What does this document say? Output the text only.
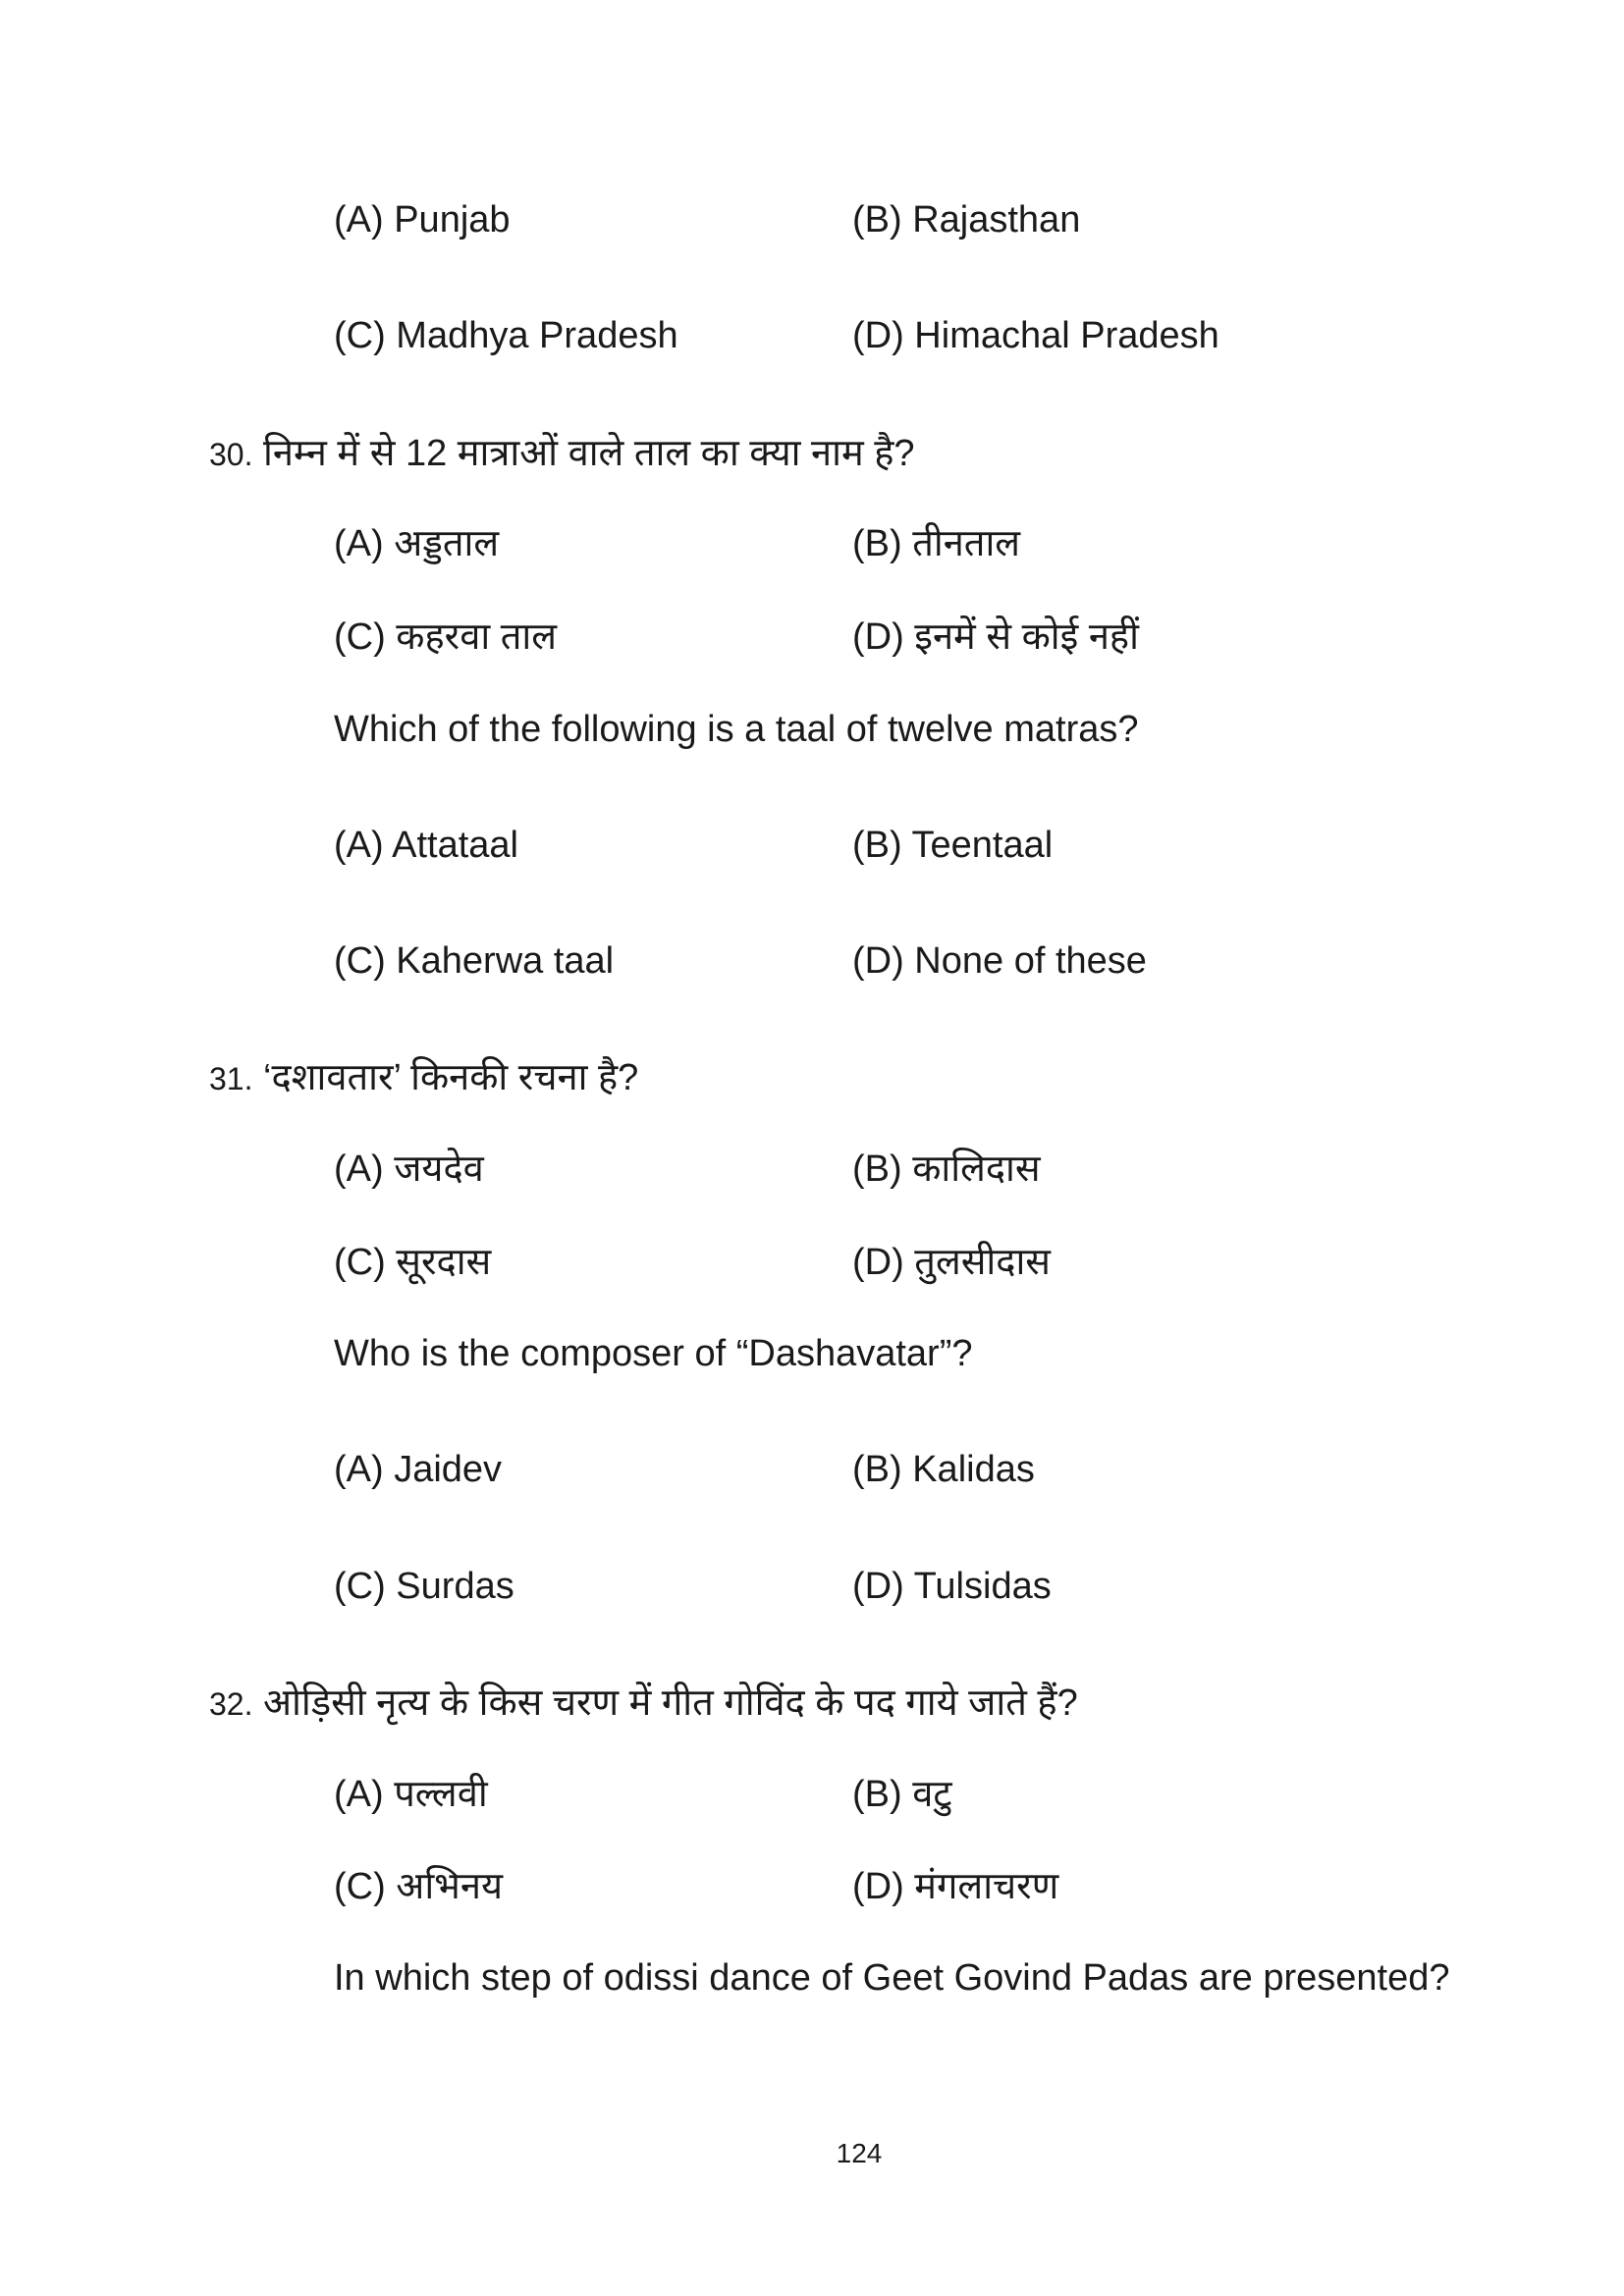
(A) Punjab	(B) Rajasthan
(C) Madhya Pradesh	(D) Himachal Pradesh
30. निम्न में से 12 मात्राओं वाले ताल का क्या नाम है?
(A) अड्डताल	(B) तीनताल
(C) कहरवा ताल	(D) इनमें से कोई नहीं
Which of the following is a taal of twelve matras?
(A) Attataal	(B) Teentaal
(C) Kaherwa taal	(D) None of these
31. ‘दशावतार’ किनकी रचना है?
(A) जयदेव	(B) कालिदास
(C) सूरदास	(D) तुलसीदास
Who is the composer of “Dashavatar”?
(A) Jaidev	(B) Kalidas
(C) Surdas	(D) Tulsidas
32. ओड़िसी नृत्य के किस चरण में गीत गोविंद के पद गाये जाते हैं?
(A) पल्लवी	(B) वटु
(C) अभिनय	(D) मंगलाचरण
In which step of odissi dance of Geet Govind Padas are presented?
124
